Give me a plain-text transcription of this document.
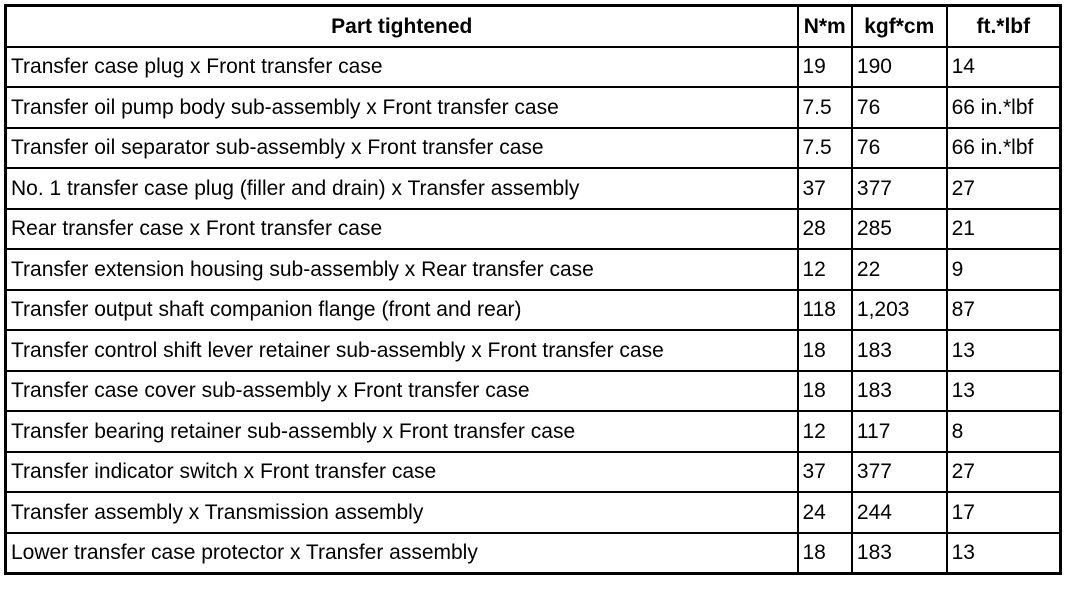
Part tightened	N*m	kgf*cm	ft.*lbf
Transfer case plug x Front transfer case	19	190	14
Transfer oil pump body sub-assembly x Front transfer case	7.5	76	66 in.*lbf
Transfer oil separator sub-assembly x Front transfer case	7.5	76	66 in.*lbf
No. 1 transfer case plug (filler and drain) x Transfer assembly	37	377	27
Rear transfer case x Front transfer case	28	285	21
Transfer extension housing sub-assembly x Rear transfer case	12	22	9
Transfer output shaft companion flange (front and rear)	118	1,203	87
Transfer control shift lever retainer sub-assembly x Front transfer case	18	183	13
Transfer case cover sub-assembly x Front transfer case	18	183	13
Transfer bearing retainer sub-assembly x Front transfer case	12	117	8
Transfer indicator switch x Front transfer case	37	377	27
Transfer assembly x Transmission assembly	24	244	17
Lower transfer case protector x Transfer assembly	18	183	13
